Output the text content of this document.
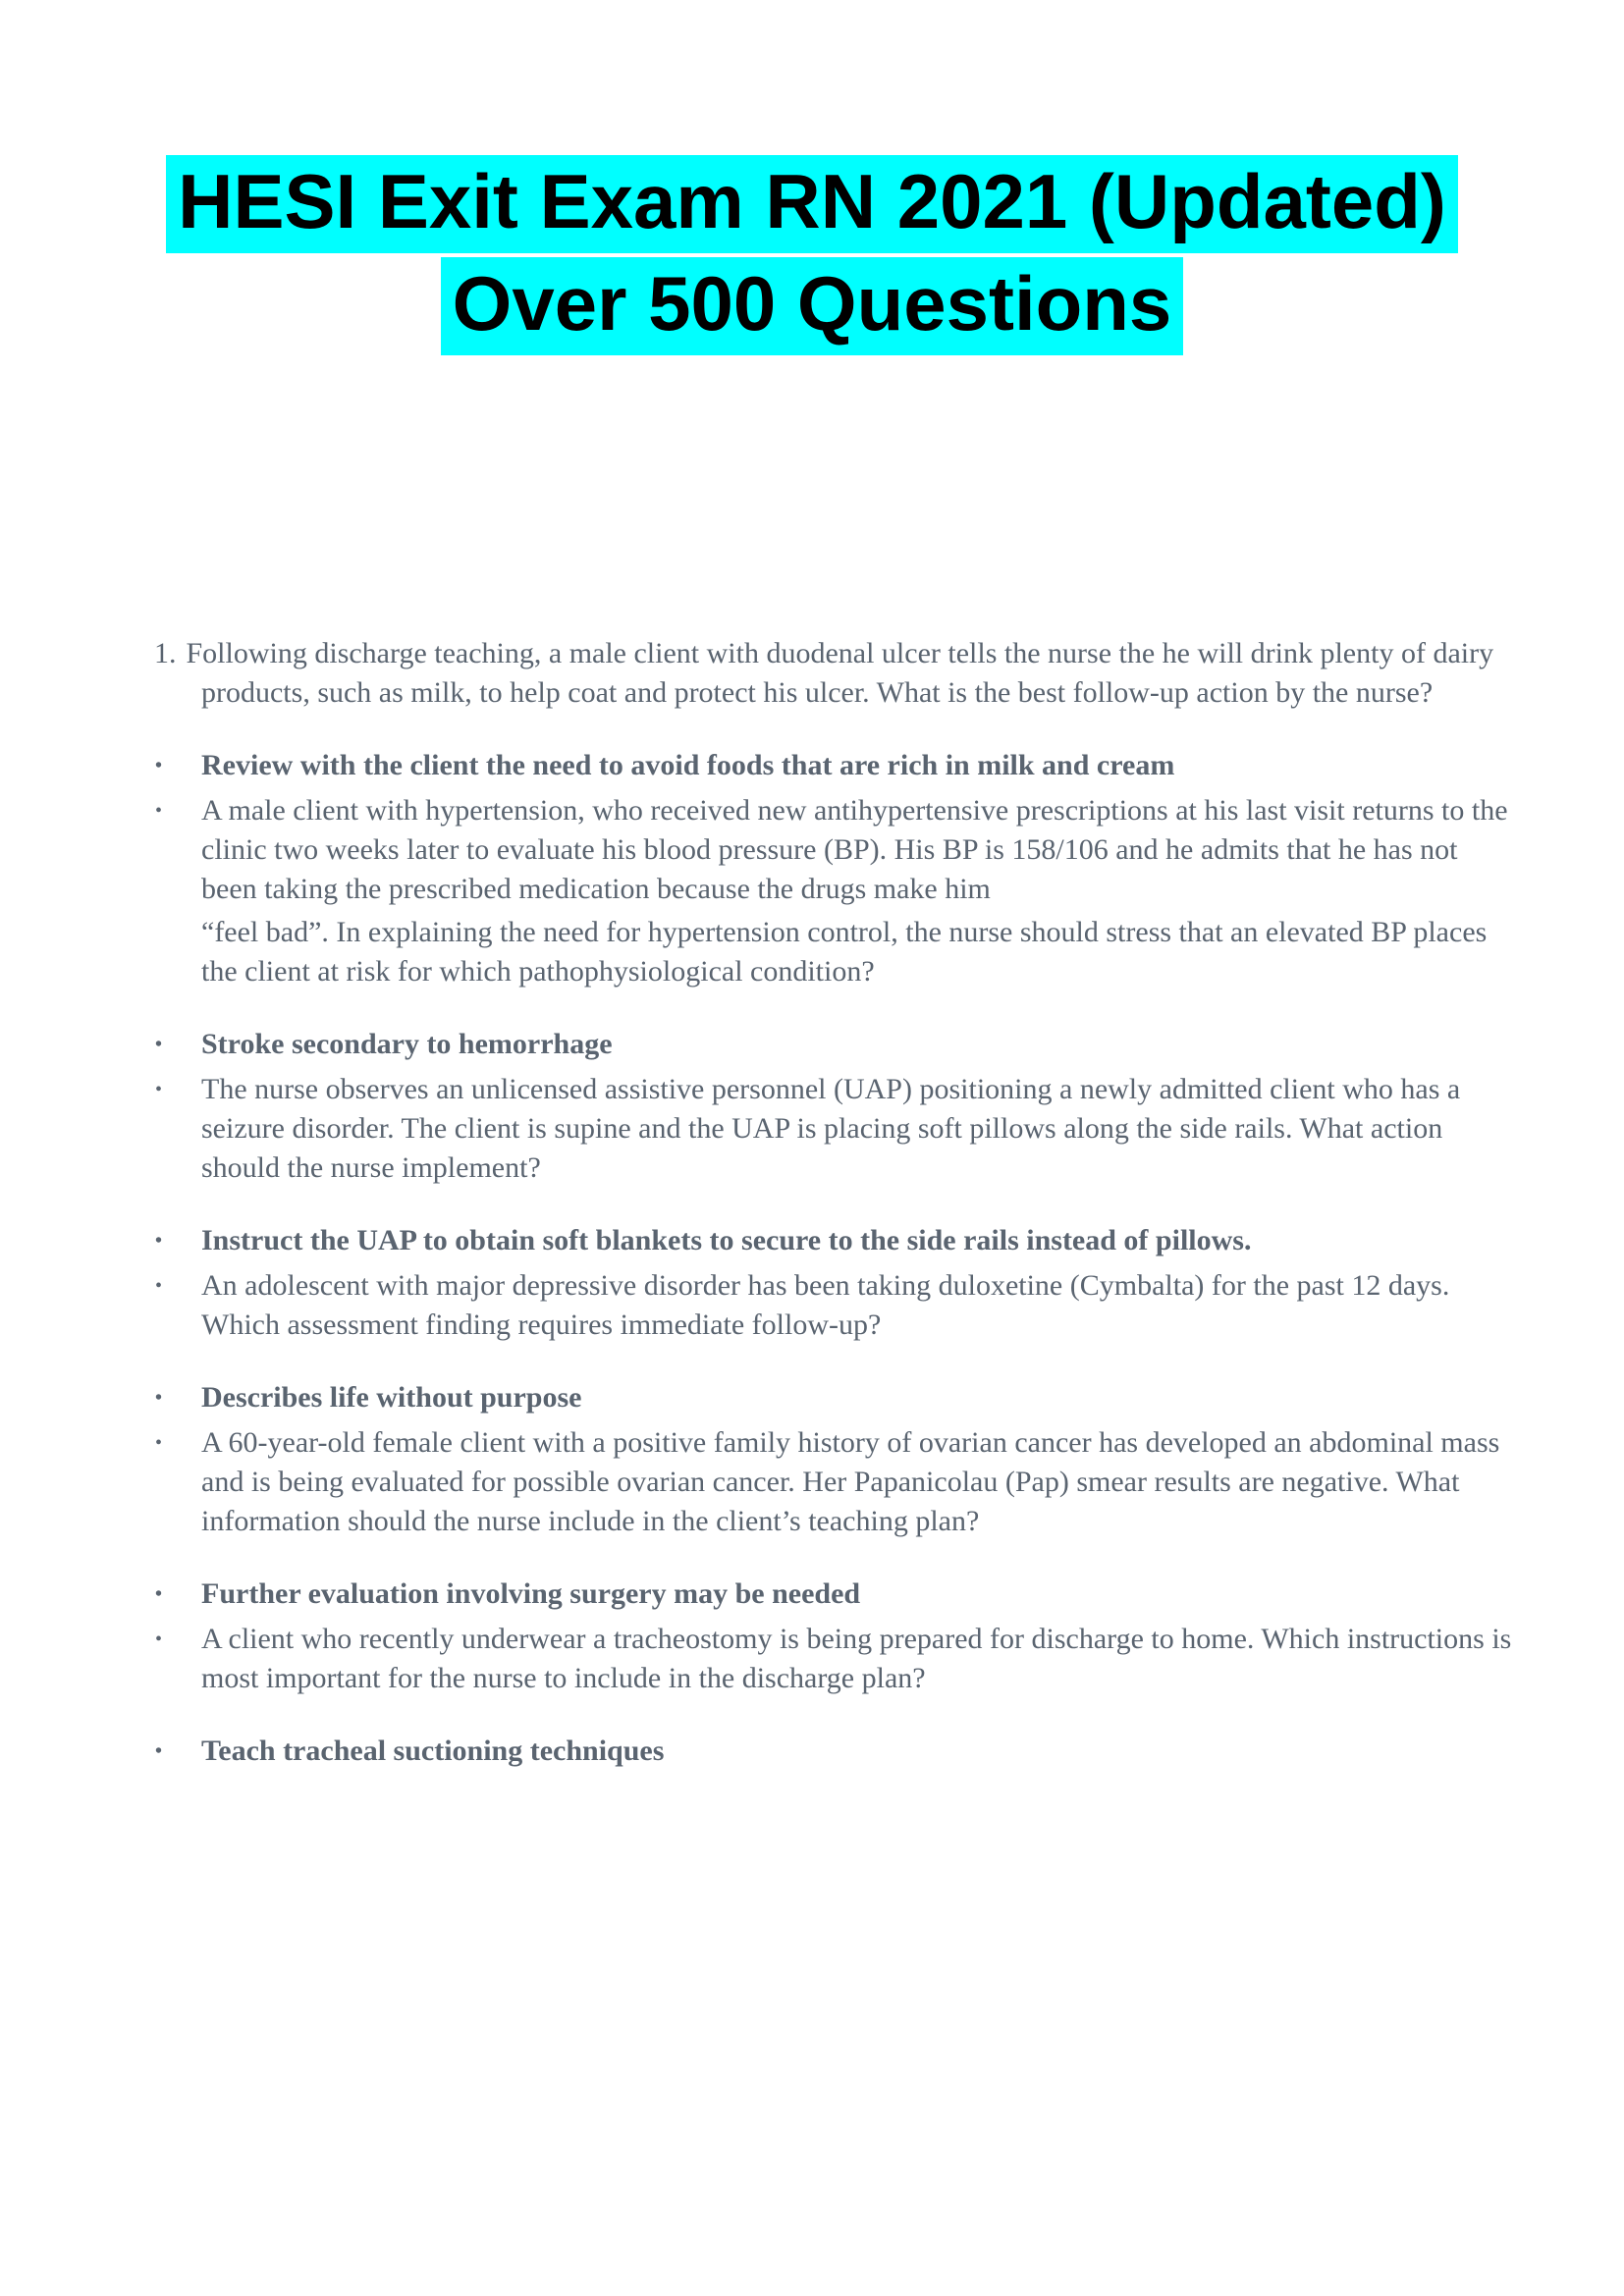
HESI Exit Exam RN 2021 (Updated)
Over 500 Questions
1. Following discharge teaching, a male client with duodenal ulcer tells the nurse the he will drink plenty of dairy products, such as milk, to help coat and protect his ulcer. What is the best follow-up action by the nurse?
• Review with the client the need to avoid foods that are rich in milk and cream

• A male client with hypertension, who received new antihypertensive prescriptions at his last visit returns to the clinic two weeks later to evaluate his blood pressure (BP). His BP is 158/106 and he admits that he has not been taking the prescribed medication because the drugs make him

“feel bad”. In explaining the need for hypertension control, the nurse should stress that an elevated BP places the client at risk for which pathophysiological condition?

• Stroke secondary to hemorrhage

• The nurse observes an unlicensed assistive personnel (UAP) positioning a newly admitted client who has a seizure disorder. The client is supine and the UAP is placing soft pillows along the side rails. What action should the nurse implement?

• Instruct the UAP to obtain soft blankets to secure to the side rails instead of pillows.

• An adolescent with major depressive disorder has been taking duloxetine (Cymbalta) for the past 12 days. Which assessment finding requires immediate follow-up?

• Describes life without purpose

• A 60-year-old female client with a positive family history of ovarian cancer has developed an abdominal mass and is being evaluated for possible ovarian cancer. Her Papanicolau (Pap) smear results are negative. What information should the nurse include in the client’s teaching plan?

• Further evaluation involving surgery may be needed

• A client who recently underwear a tracheostomy is being prepared for discharge to home. Which instructions is most important for the nurse to include in the discharge plan?

• Teach tracheal suctioning techniques
